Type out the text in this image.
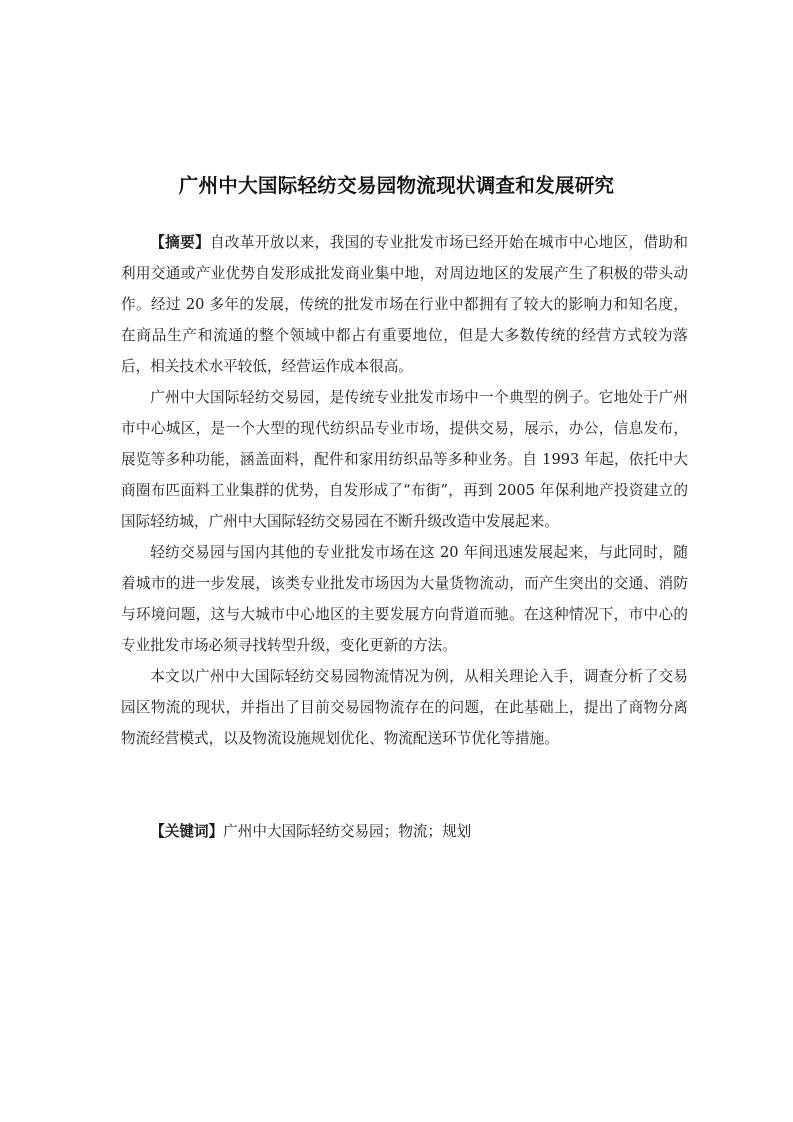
广州中大国际轻纺交易园物流现状调查和发展研究

【摘要】自改革开放以来，我国的专业批发市场已经开始在城市中心地区，借助和利用交通或产业优势自发形成批发商业集中地，对周边地区的发展产生了积极的带头动作。经过 20 多年的发展，传统的批发市场在行业中都拥有了较大的影响力和知名度，在商品生产和流通的整个领域中都占有重要地位，但是大多数传统的经营方式较为落后，相关技术水平较低，经营运作成本很高。

广州中大国际轻纺交易园，是传统专业批发市场中一个典型的例子。它地处于广州市中心城区，是一个大型的现代纺织品专业市场，提供交易，展示，办公，信息发布，展览等多种功能，涵盖面料，配件和家用纺织品等多种业务。自 1993 年起，依托中大商圈布匹面料工业集群的优势，自发形成了“布街”，再到 2005 年保利地产投资建立的国际轻纺城，广州中大国际轻纺交易园在不断升级改造中发展起来。

轻纺交易园与国内其他的专业批发市场在这 20 年间迅速发展起来，与此同时，随着城市的进一步发展，该类专业批发市场因为大量货物流动，而产生突出的交通、消防与环境问题，这与大城市中心地区的主要发展方向背道而驰。在这种情况下，市中心的专业批发市场必须寻找转型升级，变化更新的方法。

本文以广州中大国际轻纺交易园物流情况为例，从相关理论入手，调查分析了交易园区物流的现状，并指出了目前交易园物流存在的问题，在此基础上，提出了商物分离物流经营模式，以及物流设施规划优化、物流配送环节优化等措施。

【关键词】广州中大国际轻纺交易园；物流；规划
